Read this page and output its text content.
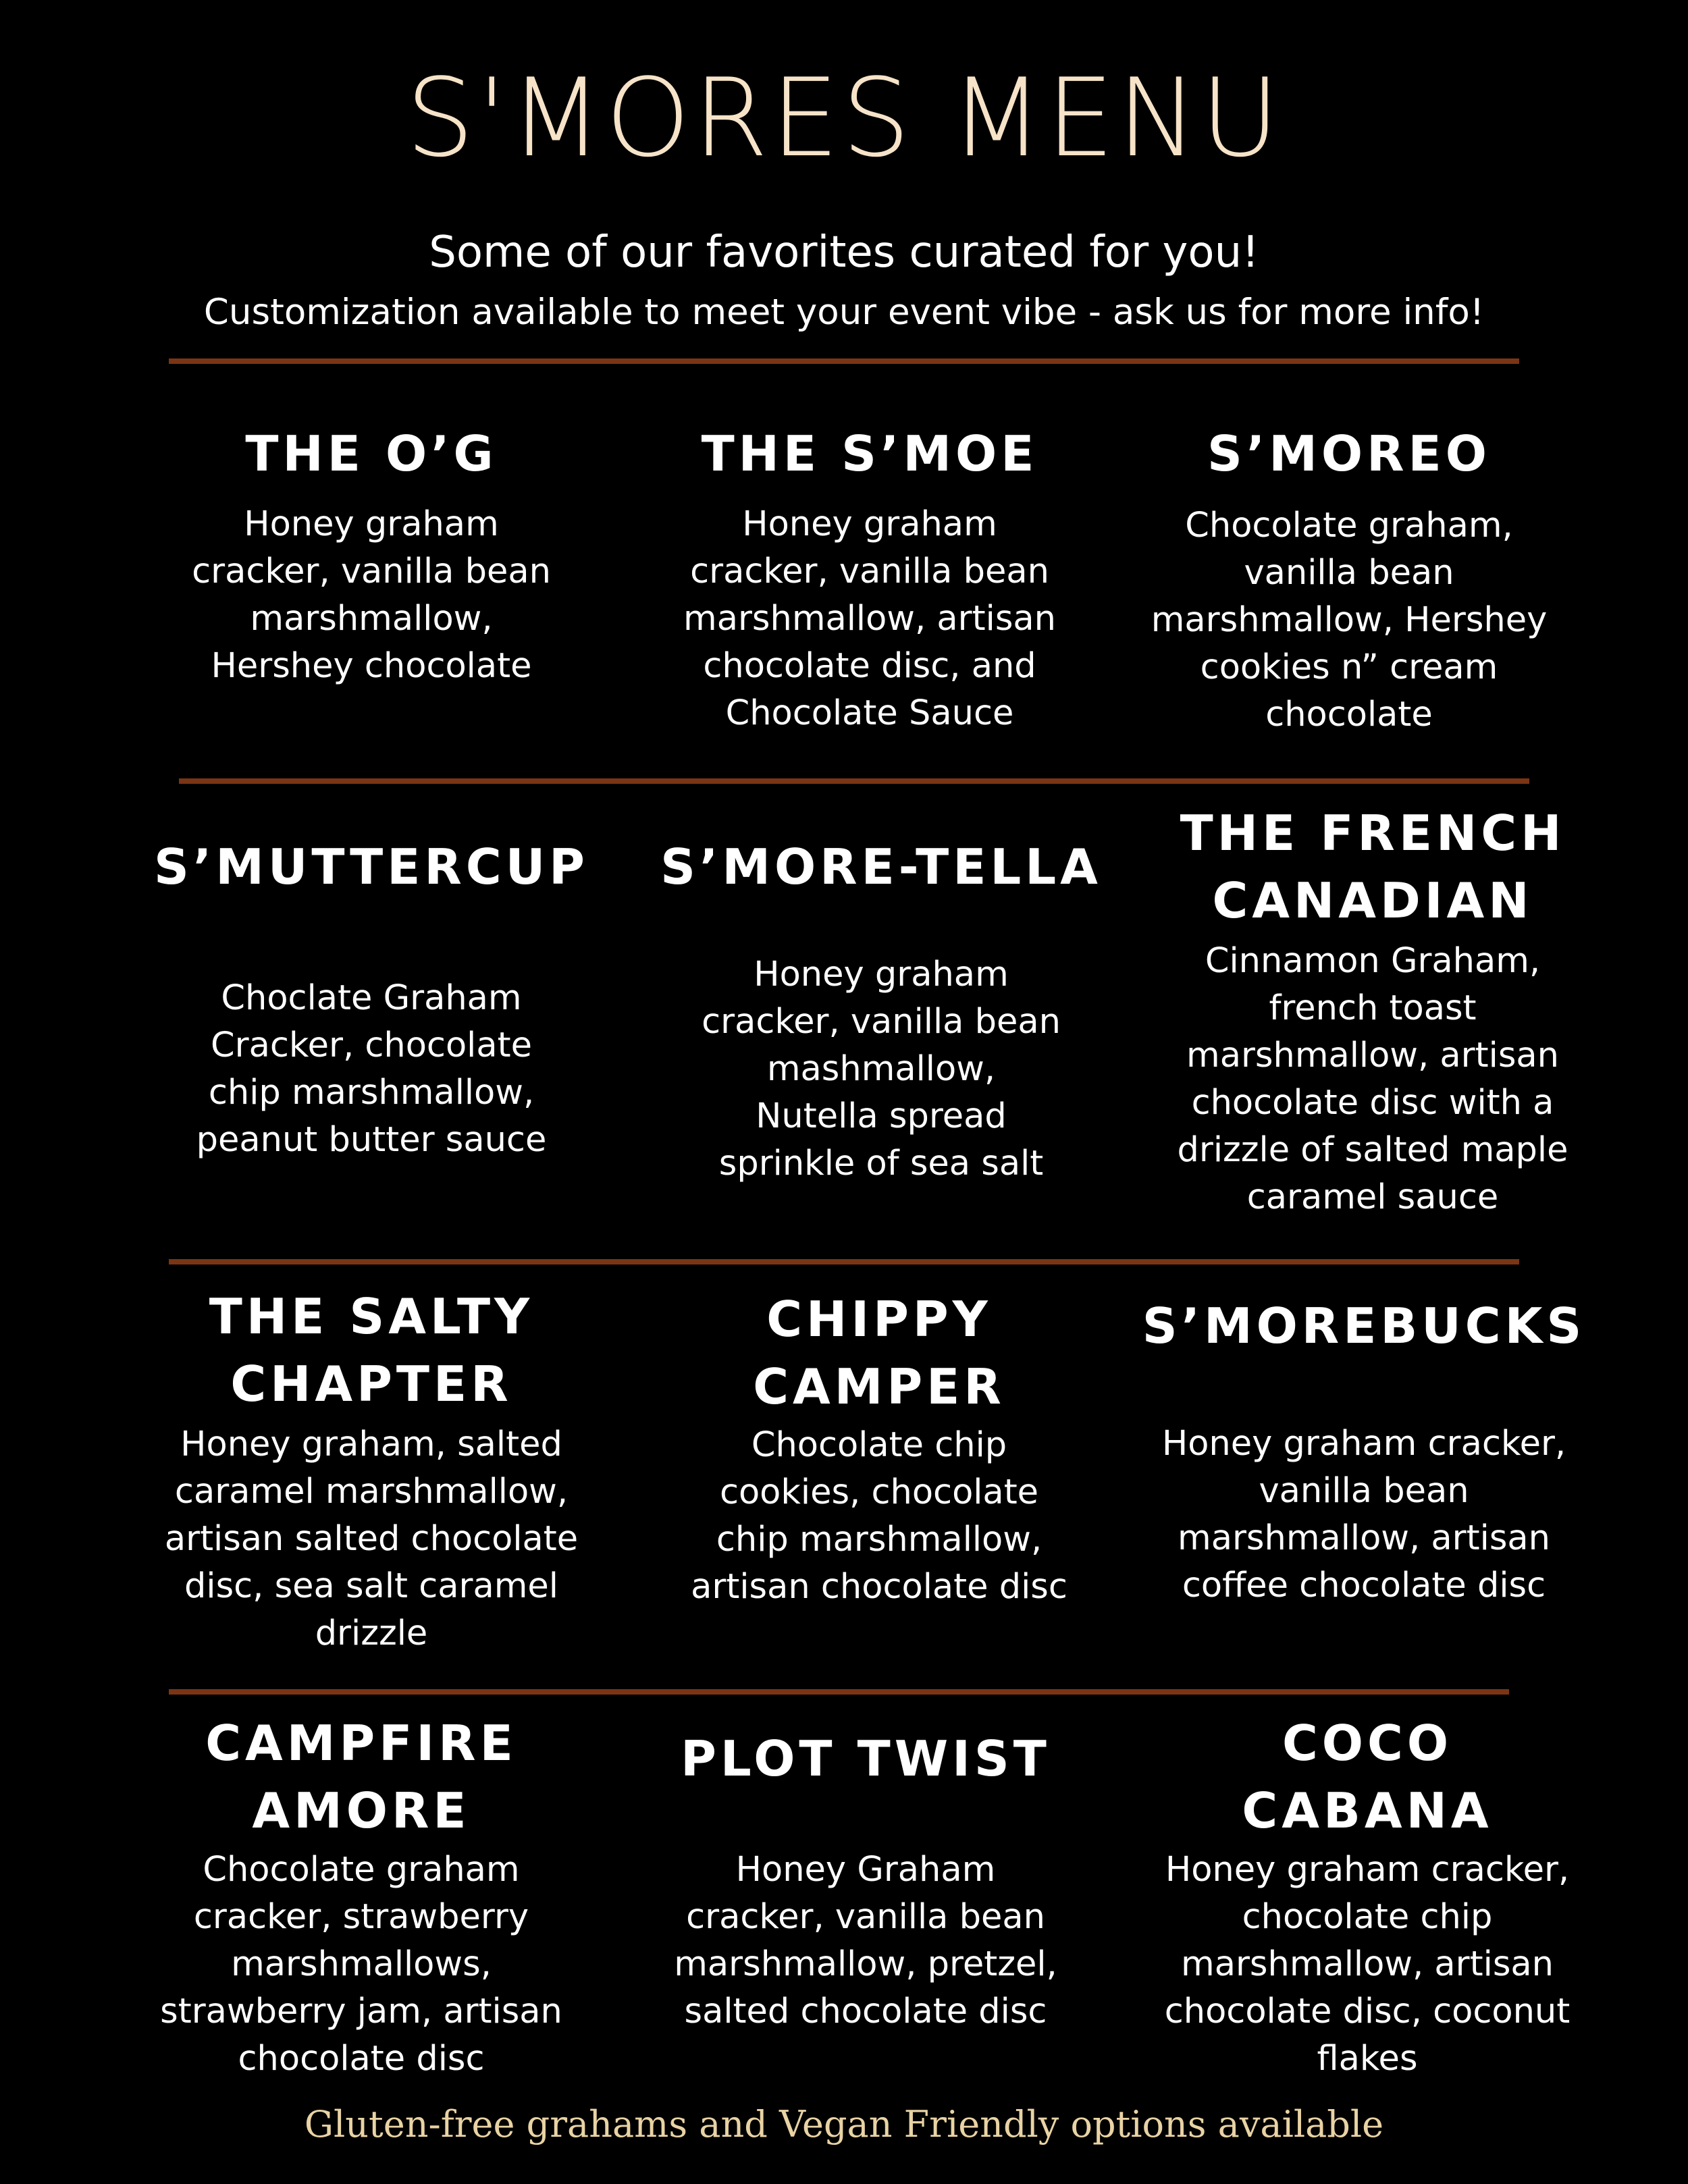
S'MORES MENU
Some of our favorites curated for you!
Customization available to meet your event vibe - ask us for more info!
THE O’G
Honey graham
cracker, vanilla bean
marshmallow,
Hershey chocolate
THE S’MOE
Honey graham
cracker, vanilla bean
marshmallow, artisan
chocolate disc, and
Chocolate Sauce
S’MOREO
Chocolate graham,
vanilla bean
marshmallow, Hershey
cookies n” cream
chocolate
S’MUTTERCUP
Choclate Graham
Cracker, chocolate
chip marshmallow,
peanut butter sauce
S’MORE-TELLA
Honey graham
cracker, vanilla bean
mashmallow,
Nutella spread
sprinkle of sea salt
THE FRENCH
CANADIAN
Cinnamon Graham,
french toast
marshmallow, artisan
chocolate disc with a
drizzle of salted maple
caramel sauce
THE SALTY
CHAPTER
Honey graham, salted
caramel marshmallow,
artisan salted chocolate
disc, sea salt caramel
drizzle
CHIPPY
CAMPER
Chocolate chip
cookies, chocolate
chip marshmallow,
artisan chocolate disc
S’MOREBUCKS
Honey graham cracker,
vanilla bean
marshmallow, artisan
coffee chocolate disc
CAMPFIRE
AMORE
Chocolate graham
cracker, strawberry
marshmallows,
strawberry jam, artisan
chocolate disc
PLOT TWIST
Honey Graham
cracker, vanilla bean
marshmallow, pretzel,
salted chocolate disc
COCO
CABANA
Honey graham cracker,
chocolate chip
marshmallow, artisan
chocolate disc, coconut
flakes
Gluten-free grahams and Vegan Friendly options available
